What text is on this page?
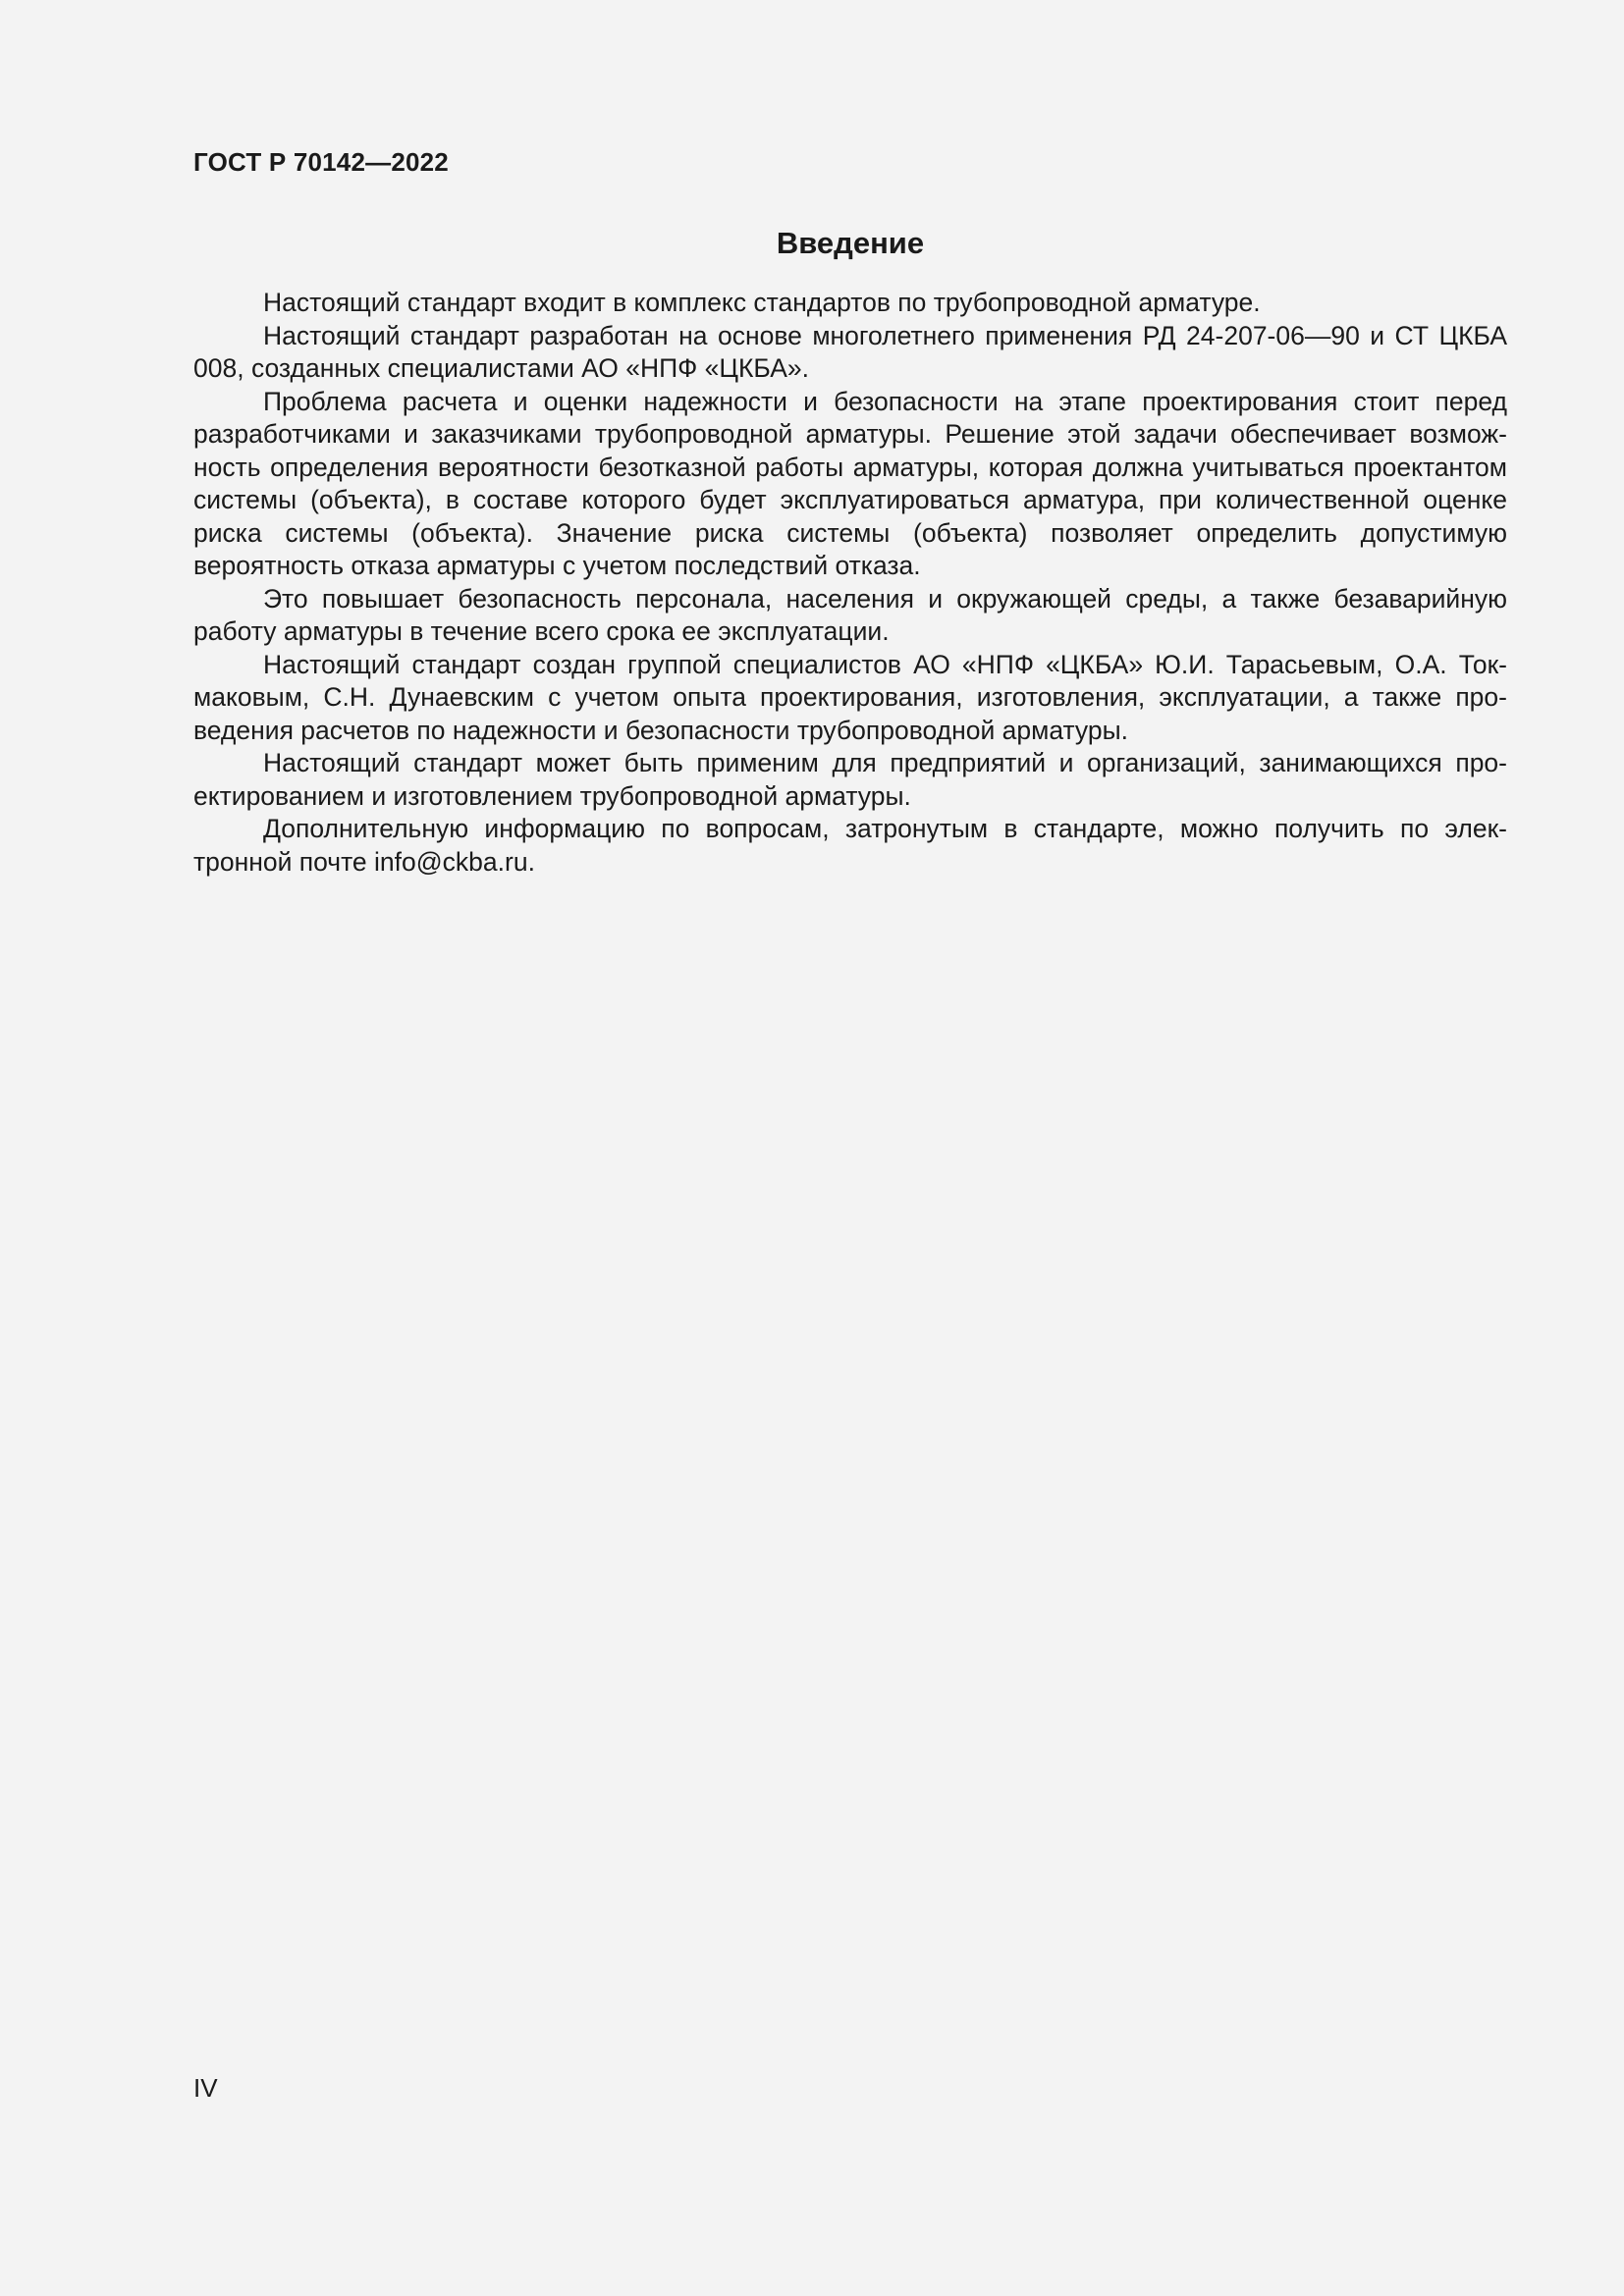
ГОСТ Р 70142—2022
Введение

Настоящий стандарт входит в комплекс стандартов по трубопроводной арматуре.

Настоящий стандарт разработан на основе многолетнего применения РД 24-207-06—90 и СТ ЦКБА 008, созданных специалистами АО «НПФ «ЦКБА».

Проблема расчета и оценки надежности и безопасности на этапе проектирования стоит перед разработчиками и заказчиками трубопроводной арматуры. Решение этой задачи обеспечивает возможность определения вероятности безотказной работы арматуры, которая должна учитываться проектантом системы (объекта), в составе которого будет эксплуатироваться арматура, при количественной оценке риска системы (объекта). Значение риска системы (объекта) позволяет определить допустимую вероятность отказа арматуры с учетом последствий отказа.

Это повышает безопасность персонала, населения и окружающей среды, а также безаварийную работу арматуры в течение всего срока ее эксплуатации.

Настоящий стандарт создан группой специалистов АО «НПФ «ЦКБА» Ю.И. Тарасьевым, О.А. Токмаковым, С.Н. Дунаевским с учетом опыта проектирования, изготовления, эксплуатации, а также проведения расчетов по надежности и безопасности трубопроводной арматуры.

Настоящий стандарт может быть применим для предприятий и организаций, занимающихся проектированием и изготовлением трубопроводной арматуры.

Дополнительную информацию по вопросам, затронутым в стандарте, можно получить по электронной почте info@ckba.ru.

IV
